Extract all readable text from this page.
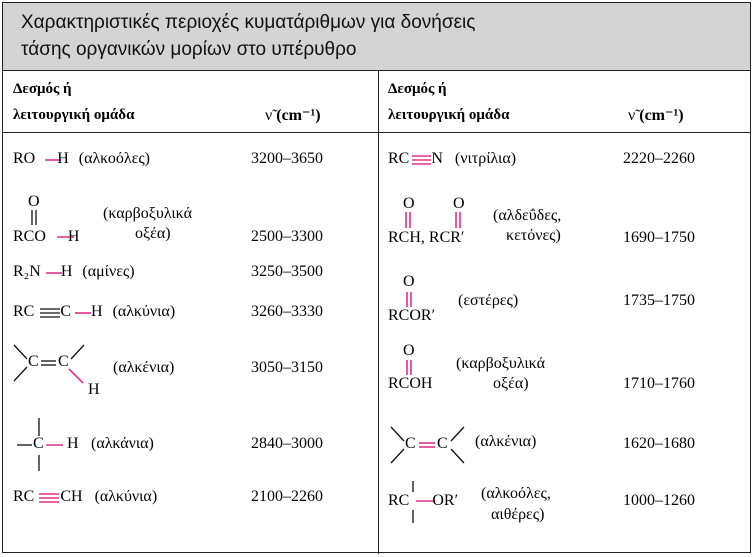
Χαρακτηριστικές περιοχές κυματάριθμων για δονήσεις
τάσης οργανικών μορίων στο υπέρυθρο
Δεσμός ή
λειτουργική ομάδα	ν̃ (cm⁻¹)
Δεσμός ή
λειτουργική ομάδα	ν̃ (cm⁻¹)
RO H (αλκοόλες)	3200–3650
O
RCO H
(καρβοξυλικά
οξέα)	2500–3300
R₂N H (αμίνες)	3250–3500
RC C H (αλκύνια)	3260–3330
C C
H
(αλκένια)	3050–3150
C H (αλκάνια)	2840–3000
RC CH (αλκύνια)	2100–2260
RC N (νιτρίλια)	2220–2260
O O
RCH, RCR′
(αλδεΰδες,
κετόνες)	1690–1750
O
RCOR′
(εστέρες)	1735–1750
O
RCOH
(καρβοξυλικά
οξέα)	1710–1760
C C (αλκένια)	1620–1680
RC OR′ (αλκοόλες,
αιθέρες)
1000–1260
